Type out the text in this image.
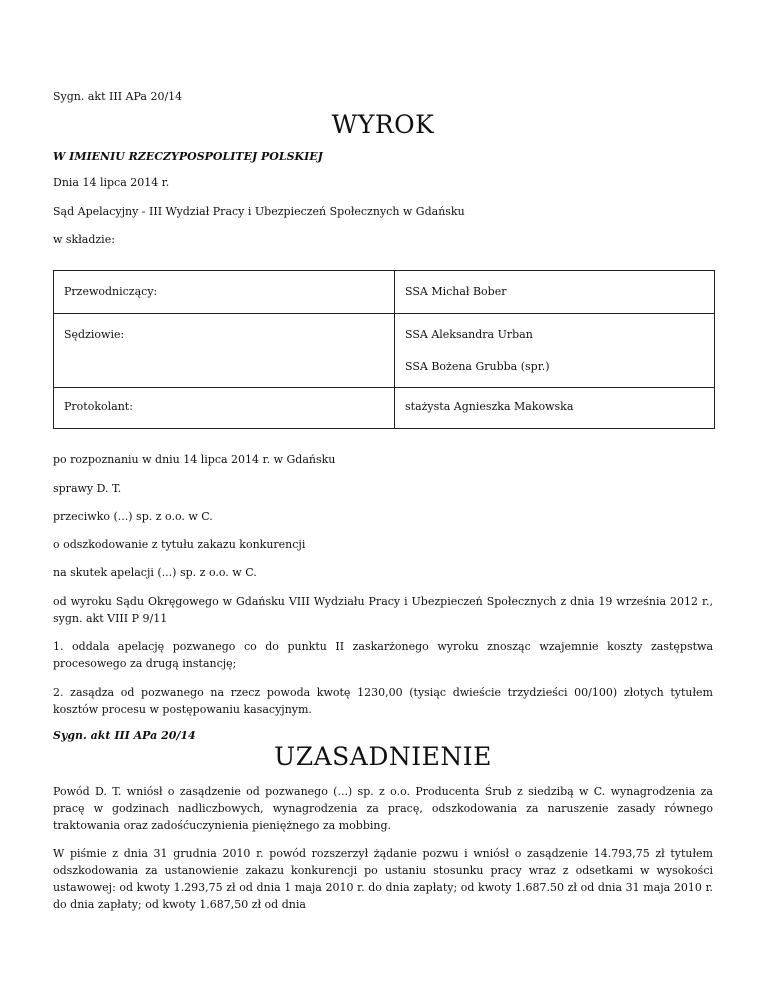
Sygn. akt III APa 20/14

WYROK

W IMIENIU RZECZYPOSPOLITEJ POLSKIEJ

Dnia 14 lipca 2014 r.

Sąd Apelacyjny - III Wydział Pracy i Ubezpieczeń Społecznych w Gdańsku

w składzie:

Przewodniczący:	SSA Michał Bober

Sędziowie:	SSA Aleksandra Urban
SSA Bożena Grubba (spr.)

Protokolant:	stażysta Agnieszka Makowska

po rozpoznaniu w dniu 14 lipca 2014 r. w Gdańsku

sprawy D. T.

przeciwko (...) sp. z o.o. w C.

o odszkodowanie z tytułu zakazu konkurencji

na skutek apelacji (...) sp. z o.o. w C.

od wyroku Sądu Okręgowego w Gdańsku VIII Wydziału Pracy i Ubezpieczeń Społecznych z dnia 19 września 2012 r., sygn. akt VIII P 9/11

1. oddala apelację pozwanego co do punktu II zaskarżonego wyroku znosząc wzajemnie koszty zastępstwa procesowego za drugą instancję;

2. zasądza od pozwanego na rzecz powoda kwotę 1230,00 (tysiąc dwieście trzydzieści 00/100) złotych tytułem kosztów procesu w postępowaniu kasacyjnym.

Sygn. akt III APa 20/14

UZASADNIENIE

Powód D. T. wniósł o zasądzenie od pozwanego (...) sp. z o.o. Producenta Śrub z siedzibą w C. wynagrodzenia za pracę w godzinach nadliczbowych, wynagrodzenia za pracę, odszkodowania za naruszenie zasady równego traktowania oraz zadośćuczynienia pieniężnego za mobbing.

W piśmie z dnia 31 grudnia 2010 r. powód rozszerzył żądanie pozwu i wniósł o zasądzenie 14.793,75 zł tytułem odszkodowania za ustanowienie zakazu konkurencji po ustaniu stosunku pracy wraz z odsetkami w wysokości ustawowej: od kwoty 1.293,75 zł od dnia 1 maja 2010 r. do dnia zapłaty; od kwoty 1.687.50 zł od dnia 31 maja 2010 r. do dnia zapłaty; od kwoty 1.687,50 zł od dnia
